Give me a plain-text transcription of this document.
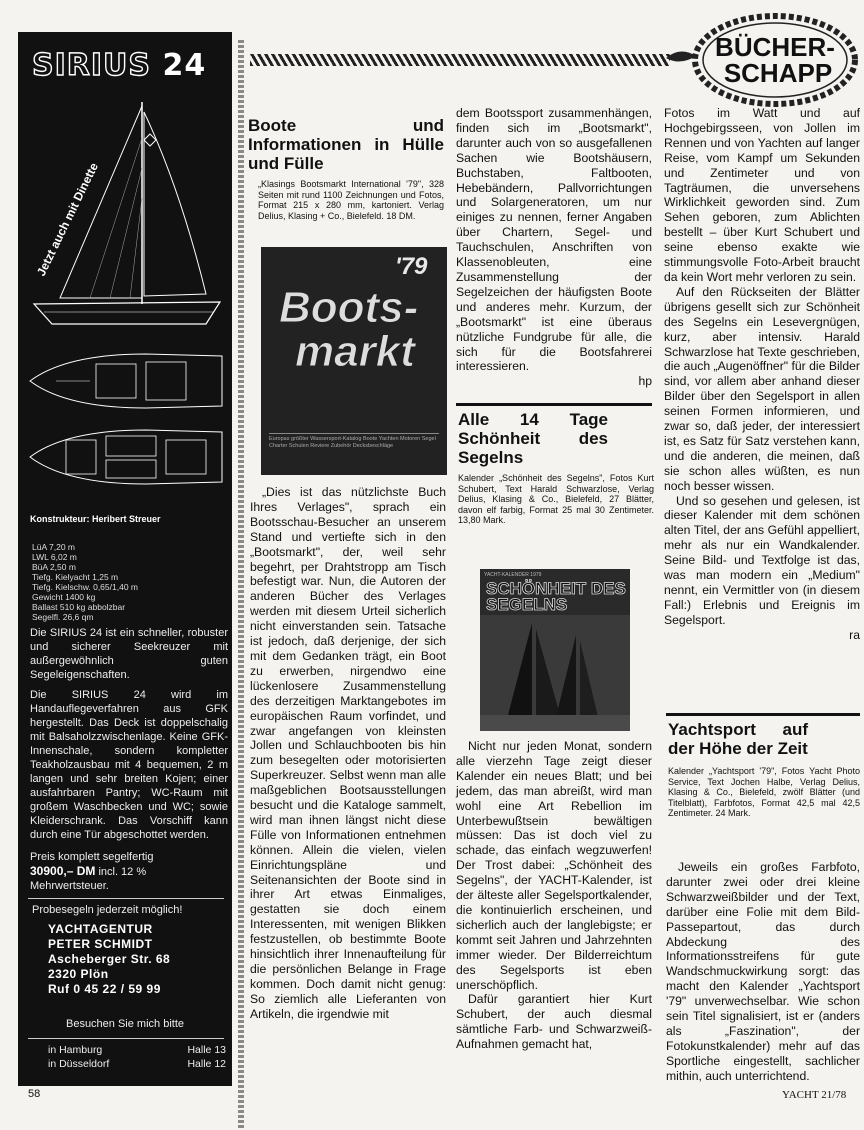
SIRIUS 24
Jetzt auch mit Dinette
Konstrukteur: Heribert Streuer
LüA 7,20 m
LWL 6,02 m
BüA 2,50 m
Tiefg. Kielyacht 1,25 m
Tiefg. Kielschw. 0,65/1,40 m
Gewicht 1400 kg
Ballast 510 kg abbolzbar
Segelfl. 26,6 qm
Die SIRIUS 24 ist ein schneller, robuster und sicherer Seekreuzer mit außergewöhnlich guten Segeleigenschaften.
Die SIRIUS 24 wird im Handauflegeverfahren aus GFK hergestellt. Das Deck ist doppelschalig mit Balsaholzzwischenlage. Keine GFK-Innenschale, sondern kompletter Teakholzausbau mit 4 bequemen, 2 m langen und sehr breiten Kojen; einer ausfahrbaren Pantry; WC-Raum mit großem Waschbecken und WC; sowie Kleiderschrank. Das Vorschiff kann durch eine Tür abgeschottet werden.
Preis komplett segelfertig
30900,– DM incl. 12 % Mehrwertsteuer.
Probesegeln jederzeit möglich!
YACHTAGENTUR
PETER SCHMIDT
Ascheberger Str. 68
2320 Plön
Ruf 0 45 22 / 59 99
Besuchen Sie mich bitte
in Hamburg	Halle 13
in Düsseldorf	Halle 12
BÜCHER-
SCHAPP
Boote und Informationen in Hülle und Fülle
„Klasings Bootsmarkt International '79", 328 Seiten mit rund 1100 Zeichnungen und Fotos, Format 215 x 280 mm, kartoniert. Verlag Delius, Klasing + Co., Bielefeld. 18 DM.
'79
Boots-
markt
Europas größter Wassersport-Katalog Boote Yachten Motoren Segel Charter Schulen Reviere Zubehör Decksbeschläge
„Dies ist das nützlichste Buch Ihres Verlages", sprach ein Bootsschau-Besucher an unserem Stand und vertiefte sich in den „Bootsmarkt", der, weil sehr begehrt, per Drahtstropp am Tisch befestigt war. Nun, die Autoren der anderen Bücher des Verlages werden mit diesem Urteil sicherlich nicht einverstanden sein. Tatsache ist jedoch, daß derjenige, der sich mit dem Gedanken trägt, ein Boot zu erwerben, nirgendwo eine lückenlosere Zusammenstellung des derzeitigen Marktangebotes im europäischen Raum vorfindet, und zwar angefangen von kleinsten Jollen und Schlauchbooten bis hin zum besegelten oder motorisierten Superkreuzer. Selbst wenn man alle maßgeblichen Bootsausstellungen besucht und die Kataloge sammelt, wird man ihnen längst nicht diese Fülle von Informationen entnehmen können. Allein die vielen, vielen Einrichtungspläne und Seitenansichten der Boote sind in ihrer Art etwas Einmaliges, gestatten sie doch einem Interessenten, mit wenigen Blikken festzustellen, ob bestimmte Boote hinsichtlich ihrer Innenaufteilung für die persönlichen Belange in Frage kommen. Doch damit nicht genug: So ziemlich alle Lieferanten von Artikeln, die irgendwie mit

dem Bootssport zusammenhängen, finden sich im „Bootsmarkt", darunter auch von so ausgefallenen Sachen wie Bootshäusern, Buchstaben, Faltbooten, Hebebändern, Pallvorrichtungen und Solargeneratoren, um nur einiges zu nennen, ferner Angaben über Chartern, Segel- und Tauchschulen, Anschriften von Klassenobleuten, eine Zusammenstellung der Segelzeichen der häufigsten Boote und anderes mehr. Kurzum, der „Bootsmarkt" ist eine überaus nützliche Fundgrube für alle, die sich für die Bootsfahrerei interessieren.

hp

Alle 14 Tage Schönheit des Segelns
Kalender „Schönheit des Segelns", Fotos Kurt Schubert, Text Harald Schwarzlose, Verlag Delius, Klasing & Co., Bielefeld, 27 Blätter, davon elf farbig, Format 25 mal 30 Zentimeter. 13,80 Mark.
YACHT-KALENDER 1979
SCHÖNHEIT DES SEGELNS

Nicht nur jeden Monat, sondern alle vierzehn Tage zeigt dieser Kalender ein neues Blatt; und bei jedem, das man abreißt, wird man wohl eine Art Rebellion im Unterbewußtsein bewältigen müssen: Das ist doch viel zu schade, das einfach wegzuwerfen! Der Trost dabei: „Schönheit des Segelns", der YACHT-Kalender, ist der älteste aller Segelsportkalender, die kontinuierlich erscheinen, und sicherlich auch der langlebigste; er kommt seit Jahren und Jahrzehnten immer wieder. Der Bilderreichtum des Segelsports ist eben unerschöpflich.

Dafür garantiert hier Kurt Schubert, der auch diesmal sämtliche Farb- und Schwarzweiß-Aufnahmen gemacht hat,

Fotos im Watt und auf Hochgebirgsseen, von Jollen im Rennen und von Yachten auf langer Reise, vom Kampf um Sekunden und Zentimeter und von Tagträumen, die unversehens Wirklichkeit geworden sind. Zum Sehen geboren, zum Ablichten bestellt – über Kurt Schubert und seine ebenso exakte wie stimmungsvolle Foto-Arbeit braucht da kein Wort mehr verloren zu sein.

Auf den Rückseiten der Blätter übrigens gesellt sich zur Schönheit des Segelns ein Lesevergnügen, kurz, aber intensiv. Harald Schwarzlose hat Texte geschrieben, die auch „Augenöffner" für die Bilder sind, vor allem aber anhand dieser Bilder über den Segelsport in allen seinen Formen informieren, und zwar so, daß jeder, der interessiert ist, es Satz für Satz verstehen kann, und die anderen, die meinen, daß sie schon alles wüßten, es nun noch besser wissen.

Und so gesehen und gelesen, ist dieser Kalender mit dem schönen alten Titel, der ans Gefühl appelliert, mehr als nur ein Wandkalender. Seine Bild- und Textfolge ist das, was man modern ein „Medium" nennt, ein Vermittler von (in diesem Fall:) Erlebnis und Ereignis im Segelsport.

ra

Yachtsport auf der Höhe der Zeit
Kalender „Yachtsport '79", Fotos Yacht Photo Service, Text Jochen Halbe, Verlag Delius, Klasing & Co., Bielefeld, zwölf Blätter (und Titelblatt), Farbfotos, Format 42,5 mal 42,5 Zentimeter. 24 Mark.
Jeweils ein großes Farbfoto, darunter zwei oder drei kleine Schwarzweißbilder und der Text, darüber eine Folie mit dem Bild-Passepartout, das durch Abdeckung des Informationsstreifens für gute Wandschmuckwirkung sorgt: das macht den Kalender „Yachtsport '79" unverwechselbar. Wie schon sein Titel signalisiert, ist er (anders als „Faszination", der Fotokunstkalender) mehr auf das Sportliche eingestellt, sachlicher mithin, auch unterrichtend.
58	YACHT 21/78
